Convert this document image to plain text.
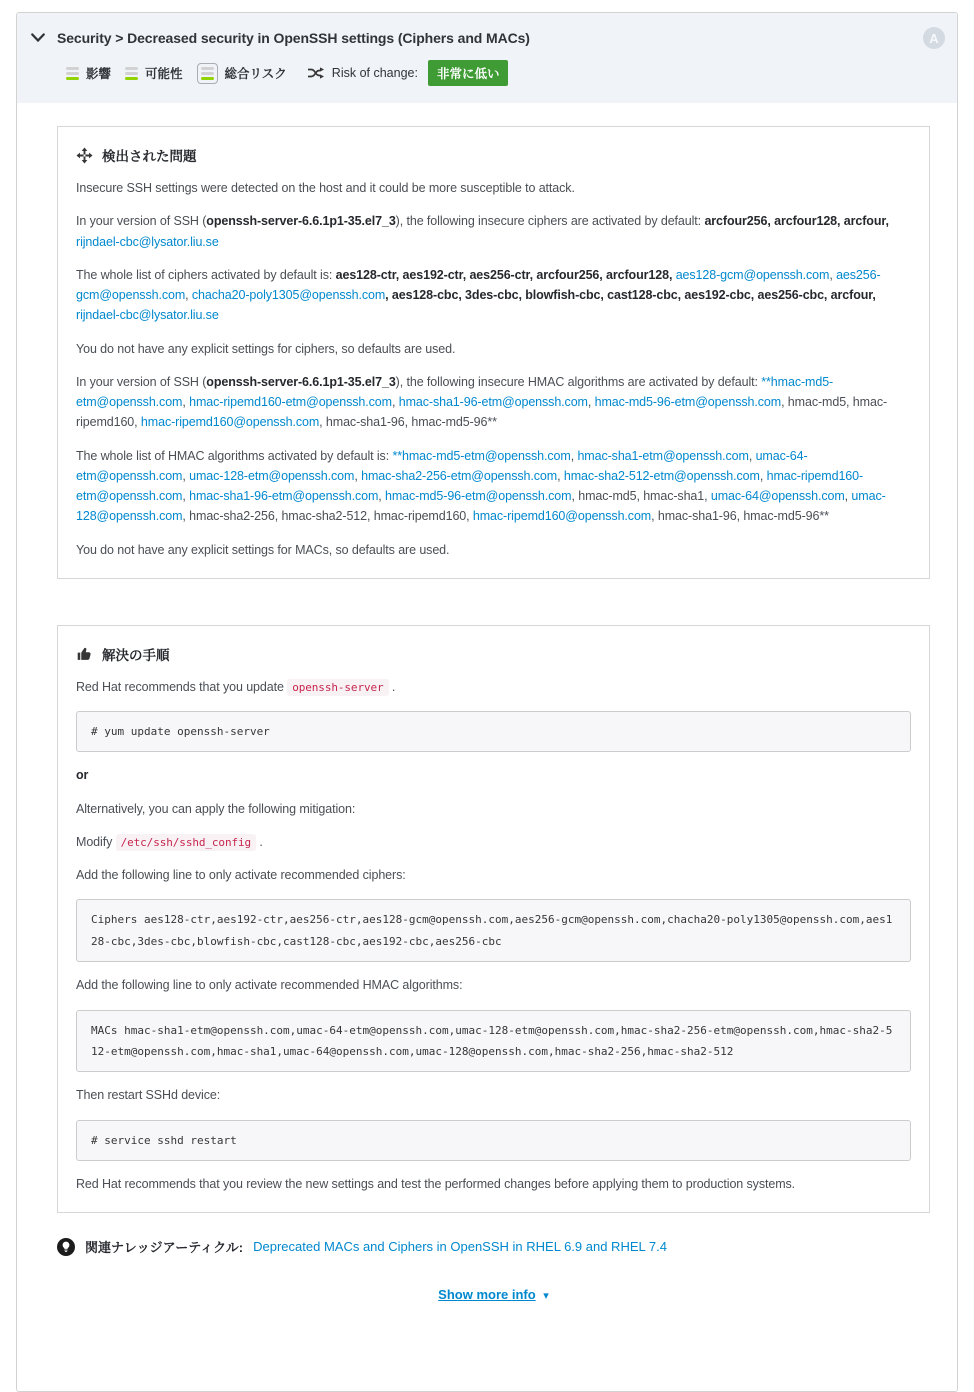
Security > Decreased security in OpenSSH settings (Ciphers and MACs)
影響	可能性	総合リスク	Risk of change:	非常に低い
A
検出された問題

Insecure SSH settings were detected on the host and it could be more susceptible to attack.

In your version of SSH (openssh-server-6.6.1p1-35.el7_3), the following insecure ciphers are activated by default: arcfour256, arcfour128, arcfour, rijndael-cbc@lysator.liu.se

The whole list of ciphers activated by default is: aes128-ctr, aes192-ctr, aes256-ctr, arcfour256, arcfour128, aes128-gcm@openssh.com, aes256-gcm@openssh.com, chacha20-poly1305@openssh.com, aes128-cbc, 3des-cbc, blowfish-cbc, cast128-cbc, aes192-cbc, aes256-cbc, arcfour, rijndael-cbc@lysator.liu.se

You do not have any explicit settings for ciphers, so defaults are used.

In your version of SSH (openssh-server-6.6.1p1-35.el7_3), the following insecure HMAC algorithms are activated by default: **hmac-md5-etm@openssh.com, hmac-ripemd160-etm@openssh.com, hmac-sha1-96-etm@openssh.com, hmac-md5-96-etm@openssh.com, hmac-md5, hmac-ripemd160, hmac-ripemd160@openssh.com, hmac-sha1-96, hmac-md5-96**

The whole list of HMAC algorithms activated by default is: **hmac-md5-etm@openssh.com, hmac-sha1-etm@openssh.com, umac-64-etm@openssh.com, umac-128-etm@openssh.com, hmac-sha2-256-etm@openssh.com, hmac-sha2-512-etm@openssh.com, hmac-ripemd160-etm@openssh.com, hmac-sha1-96-etm@openssh.com, hmac-md5-96-etm@openssh.com, hmac-md5, hmac-sha1, umac-64@openssh.com, umac-128@openssh.com, hmac-sha2-256, hmac-sha2-512, hmac-ripemd160, hmac-ripemd160@openssh.com, hmac-sha1-96, hmac-md5-96**

You do not have any explicit settings for MACs, so defaults are used.

解決の手順

Red Hat recommends that you update openssh-server .

# yum update openssh-server

or

Alternatively, you can apply the following mitigation:

Modify /etc/ssh/sshd_config .

Add the following line to only activate recommended ciphers:

Ciphers aes128-ctr,aes192-ctr,aes256-ctr,aes128-gcm@openssh.com,aes256-gcm@openssh.com,chacha20-poly1305@openssh.com,aes128-cbc,3des-cbc,blowfish-cbc,cast128-cbc,aes192-cbc,aes256-cbc

Add the following line to only activate recommended HMAC algorithms:

MACs hmac-sha1-etm@openssh.com,umac-64-etm@openssh.com,umac-128-etm@openssh.com,hmac-sha2-256-etm@openssh.com,hmac-sha2-512-etm@openssh.com,hmac-sha1,umac-64@openssh.com,umac-128@openssh.com,hmac-sha2-256,hmac-sha2-512

Then restart SSHd device:

# service sshd restart

Red Hat recommends that you review the new settings and test the performed changes before applying them to production systems.

関連ナレッジアーティクル: Deprecated MACs and Ciphers in OpenSSH in RHEL 6.9 and RHEL 7.4
Show more info ▾
